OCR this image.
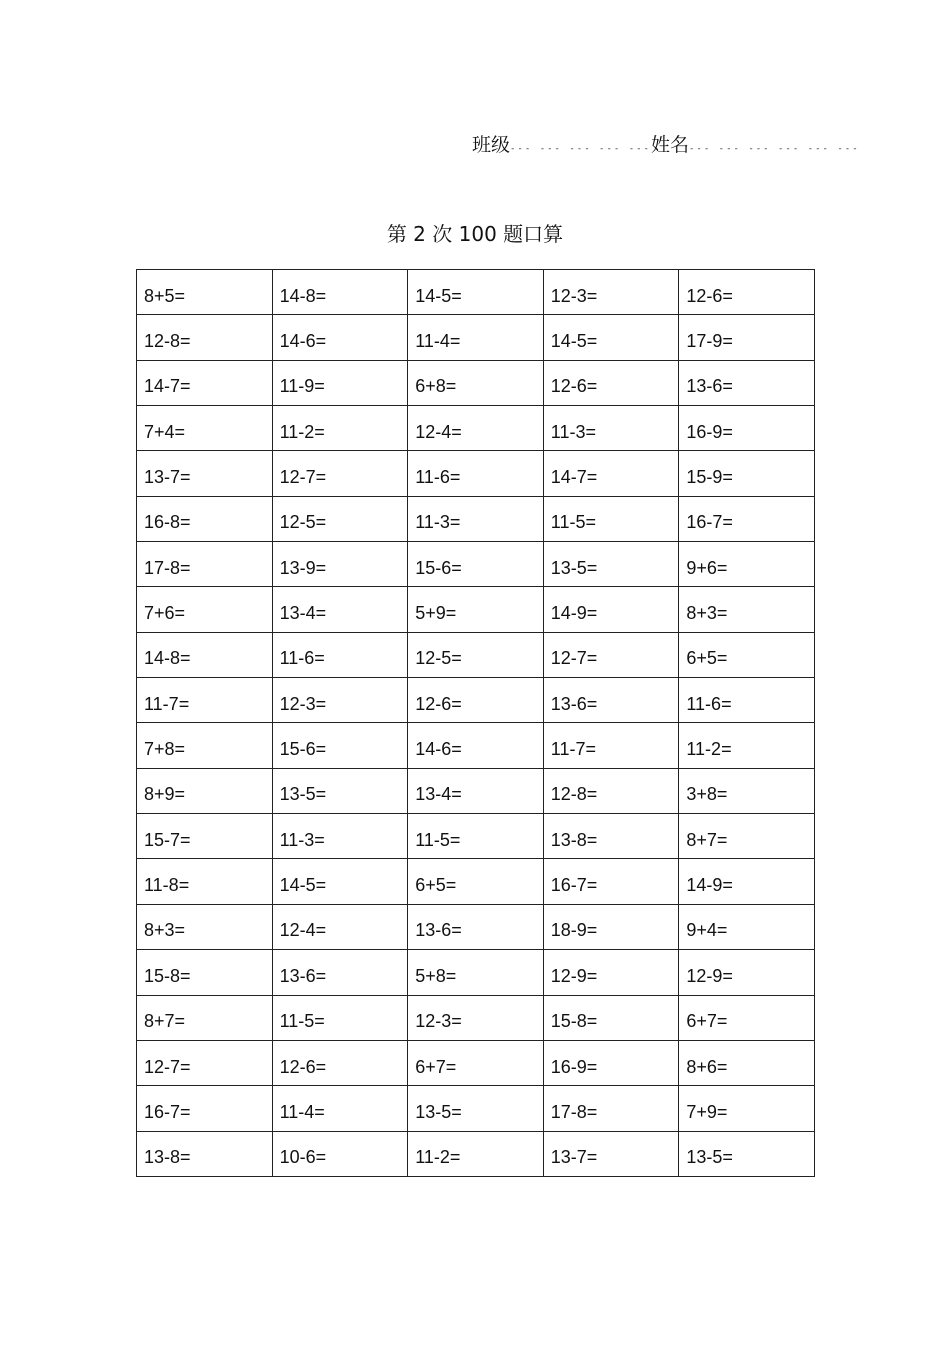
班级 --- --- --- --- --- 姓名 --- --- --- --- --- ---
第 2 次 100 题口算
8+5=	14-8=	14-5=	12-3=	12-6=
12-8=	14-6=	11-4=	14-5=	17-9=
14-7=	11-9=	6+8=	12-6=	13-6=
7+4=	11-2=	12-4=	11-3=	16-9=
13-7=	12-7=	11-6=	14-7=	15-9=
16-8=	12-5=	11-3=	11-5=	16-7=
17-8=	13-9=	15-6=	13-5=	9+6=
7+6=	13-4=	5+9=	14-9=	8+3=
14-8=	11-6=	12-5=	12-7=	6+5=
11-7=	12-3=	12-6=	13-6=	11-6=
7+8=	15-6=	14-6=	11-7=	11-2=
8+9=	13-5=	13-4=	12-8=	3+8=
15-7=	11-3=	11-5=	13-8=	8+7=
11-8=	14-5=	6+5=	16-7=	14-9=
8+3=	12-4=	13-6=	18-9=	9+4=
15-8=	13-6=	5+8=	12-9=	12-9=
8+7=	11-5=	12-3=	15-8=	6+7=
12-7=	12-6=	6+7=	16-9=	8+6=
16-7=	11-4=	13-5=	17-8=	7+9=
13-8=	10-6=	11-2=	13-7=	13-5=
